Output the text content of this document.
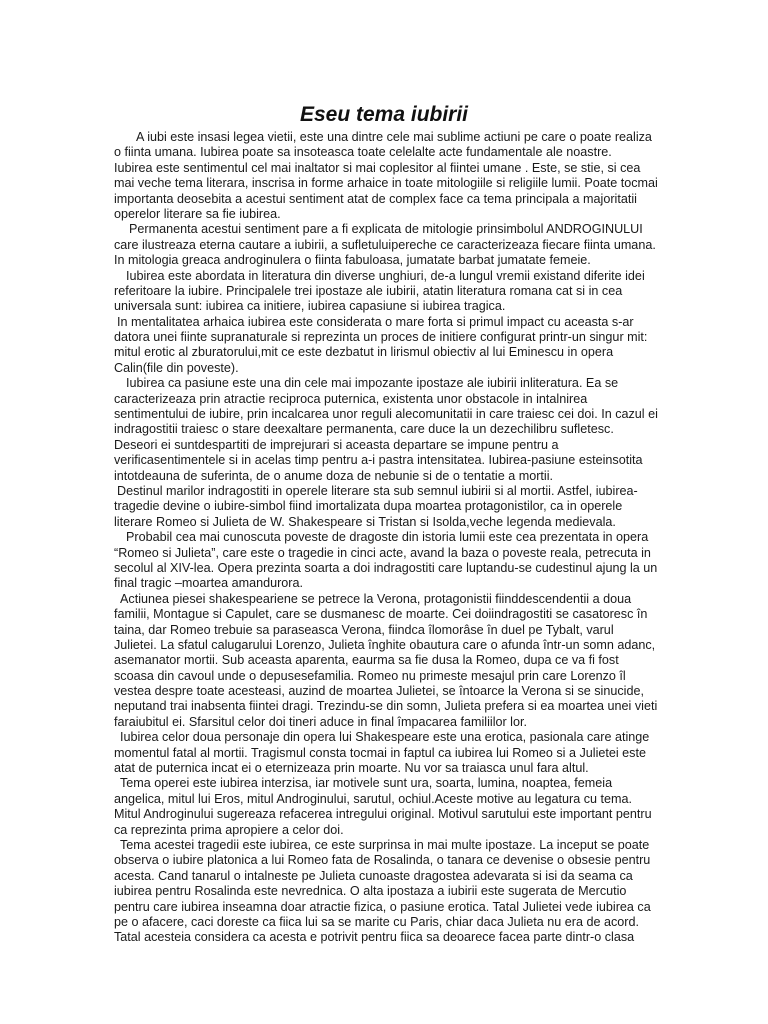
Eseu tema iubirii
A iubi este insasi legea vietii, este una dintre cele mai sublime actiuni pe care o poate realiza
o fiinta umana. Iubirea poate sa insoteasca toate celelalte acte fundamentale ale noastre.
Iubirea este sentimentul cel mai inaltator si mai coplesitor al fiintei umane . Este, se stie, si cea
mai veche tema literara, inscrisa in forme arhaice in toate mitologiile si religiile lumii. Poate tocmai
importanta deosebita a acestui sentiment atat de complex face ca tema principala a majoritatii
operelor literare sa fie iubirea.
Permanenta acestui sentiment pare a fi explicata de mitologie prinsimbolul ANDROGINULUI
care ilustreaza eterna cautare a iubirii, a sufletuluipereche ce caracterizeaza fiecare fiinta umana.
In mitologia greaca androginulera o fiinta fabuloasa, jumatate barbat jumatate femeie.
Iubirea este abordata in literatura din diverse unghiuri, de-a lungul vremii existand diferite idei
referitoare la iubire. Principalele trei ipostaze ale iubirii, atatin literatura romana cat si in cea
universala sunt: iubirea ca initiere, iubirea capasiune si iubirea tragica.
In mentalitatea arhaica iubirea este considerata o mare forta si primul impact cu aceasta s-ar
datora unei fiinte supranaturale si reprezinta un proces de initiere configurat printr-un singur mit:
mitul erotic al zburatorului,mit ce este dezbatut in lirismul obiectiv al lui Eminescu in opera
Calin(file din poveste).
Iubirea ca pasiune este una din cele mai impozante ipostaze ale iubirii inliteratura. Ea se
caracterizeaza prin atractie reciproca puternica, existenta unor obstacole in intalnirea
sentimentului de iubire, prin incalcarea unor reguli alecomunitatii in care traiesc cei doi. In cazul ei
indragostitii traiesc o stare deexaltare permanenta, care duce la un dezechilibru sufletesc.
Deseori ei suntdespartiti de imprejurari si aceasta departare se impune pentru a
verificasentimentele si in acelas timp pentru a-i pastra intensitatea. Iubirea-pasiune esteinsotita
intotdeauna de suferinta, de o anume doza de nebunie si de o tentatie a mortii.
Destinul marilor indragostiti in operele literare sta sub semnul iubirii si al mortii. Astfel, iubirea-
tragedie devine o iubire-simbol fiind imortalizata dupa moartea protagonistilor, ca in operele
literare Romeo si Julieta de W. Shakespeare si Tristan si Isolda,veche legenda medievala.
Probabil cea mai cunoscuta poveste de dragoste din istoria lumii este cea prezentata in opera
“Romeo si Julieta”, care este o tragedie in cinci acte, avand la baza o poveste reala, petrecuta in
secolul al XIV-lea. Opera prezinta soarta a doi indragostiti care luptandu-se cudestinul ajung la un
final tragic –moartea amandurora.
Actiunea piesei shakespeariene se petrece la Verona, protagonistii fiinddescendentii a doua
familii, Montague si Capulet, care se dusmanesc de moarte. Cei doiindragostiti se casatoresc în
taina, dar Romeo trebuie sa paraseasca Verona, fiindca îlomorâse în duel pe Tybalt, varul
Julietei. La sfatul calugarului Lorenzo, Julieta înghite obautura care o afunda într-un somn adanc,
asemanator mortii. Sub aceasta aparenta, eaurma sa fie dusa la Romeo, dupa ce va fi fost
scoasa din cavoul unde o depusesefamilia. Romeo nu primeste mesajul prin care Lorenzo îl
vestea despre toate acesteasi, auzind de moartea Julietei, se întoarce la Verona si se sinucide,
neputand trai inabsenta fiintei dragi. Trezindu-se din somn, Julieta prefera si ea moartea unei vieti
faraiubitul ei. Sfarsitul celor doi tineri aduce in final împacarea familiilor lor.
Iubirea celor doua personaje din opera lui Shakespeare este una erotica, pasionala care atinge
momentul fatal al mortii. Tragismul consta tocmai in faptul ca iubirea lui Romeo si a Julietei este
atat de puternica incat ei o eternizeaza prin moarte. Nu vor sa traiasca unul fara altul.
Tema operei este iubirea interzisa, iar motivele sunt ura, soarta, lumina, noaptea, femeia
angelica, mitul lui Eros, mitul Androginului, sarutul, ochiul.Aceste motive au legatura cu tema.
Mitul Androginului sugereaza refacerea intregului original. Motivul sarutului este important pentru
ca reprezinta prima apropiere a celor doi.
Tema acestei tragedii este iubirea, ce este surprinsa in mai multe ipostaze. La inceput se poate
observa o iubire platonica a lui Romeo fata de Rosalinda, o tanara ce devenise o obsesie pentru
acesta. Cand tanarul o intalneste pe Julieta cunoaste dragostea adevarata si isi da seama ca
iubirea pentru Rosalinda este nevrednica. O alta ipostaza a iubirii este sugerata de Mercutio
pentru care iubirea inseamna doar atractie fizica, o pasiune erotica. Tatal Julietei vede iubirea ca
pe o afacere, caci doreste ca fiica lui sa se marite cu Paris, chiar daca Julieta nu era de acord.
Tatal acesteia considera ca acesta e potrivit pentru fiica sa deoarece facea parte dintr-o clasa
